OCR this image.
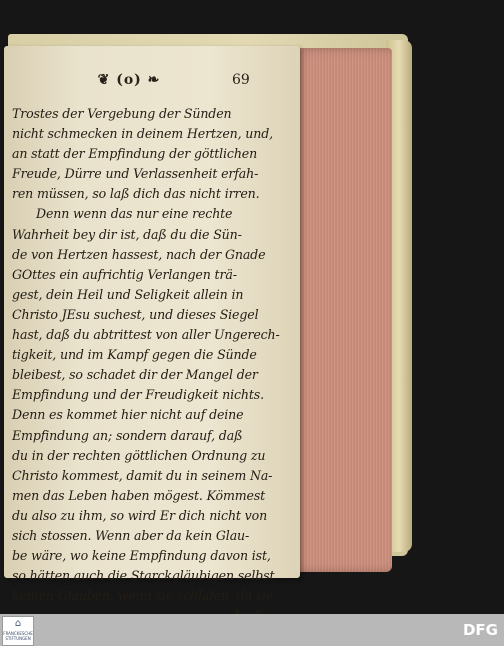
❦ (o) ❧	69
Trostes der Vergebung der Sünden
nicht schmecken in deinem Hertzen, und,
an statt der Empfindung der göttlichen
Freude, Dürre und Verlassenheit erfah-
ren müssen, so laß dich das nicht irren.
Denn wenn das nur eine rechte
Wahrheit bey dir ist, daß du die Sün-
de von Hertzen hassest, nach der Gnade
GOttes ein aufrichtig Verlangen trä-
gest, dein Heil und Seligkeit allein in
Christo JEsu suchest, und dieses Siegel
hast, daß du abtrittest von aller Ungerech-
tigkeit, und im Kampf gegen die Sünde
bleibest, so schadet dir der Mangel der
Empfindung und der Freudigkeit nichts.
Denn es kommet hier nicht auf deine
Empfindung an; sondern darauf, daß
du in der rechten göttlichen Ordnung zu
Christo kommest, damit du in seinem Na-
men das Leben haben mögest. Kömmest
du also zu ihm, so wird Er dich nicht von
sich stossen. Wenn aber da kein Glau-
be wäre, wo keine Empfindung davon ist,
so hätten auch die Starckgläubigen selbst
keinen Glauben, wenn sie schlafen, da sie
⌂
FRANCKESCHE STIFTUNGEN	DFG
